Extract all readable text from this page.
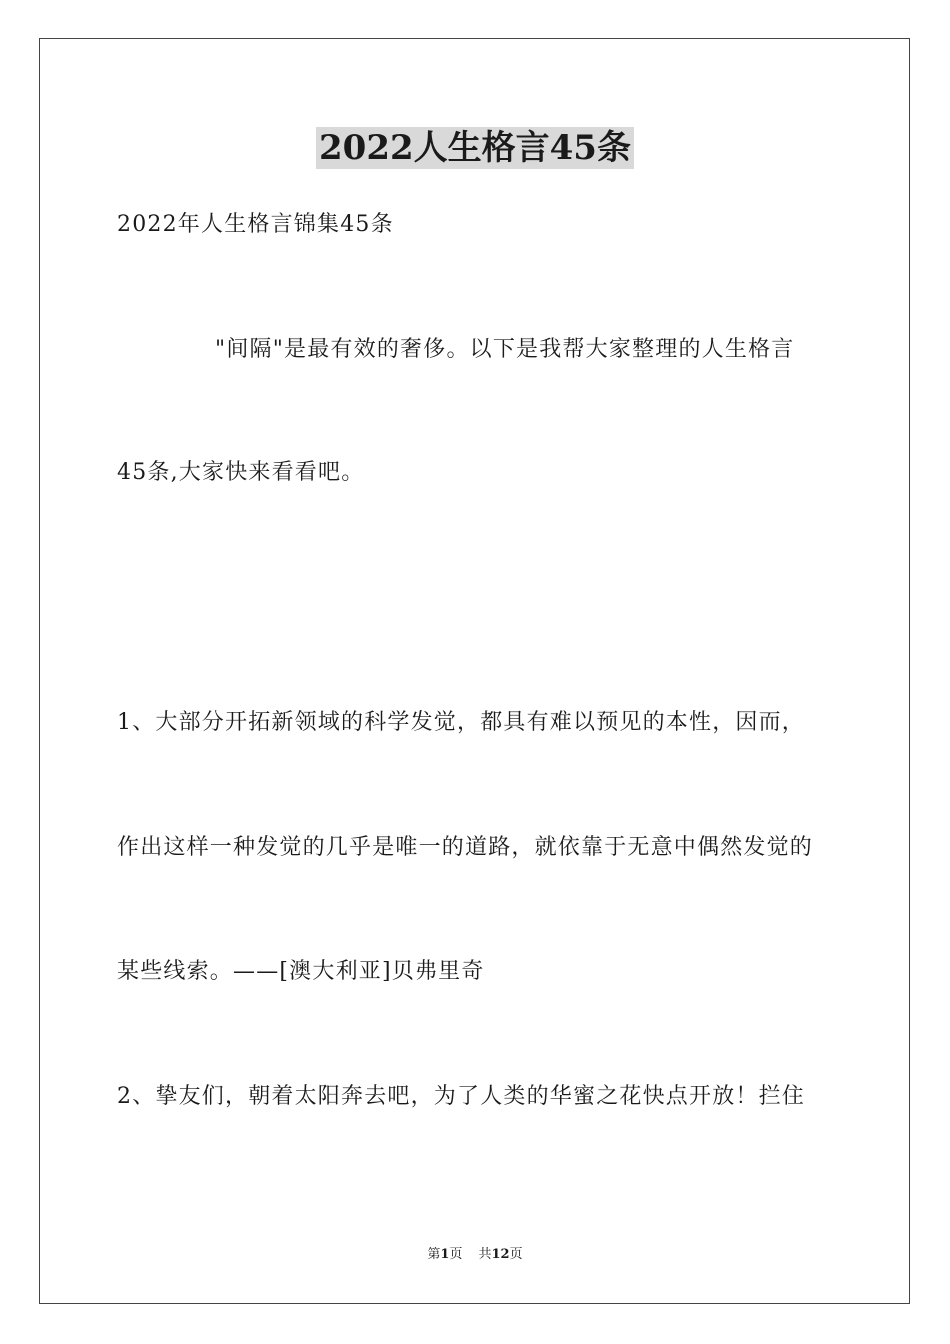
2022人生格言45条
2022年人生格言锦集45条
"间隔"是最有效的奢侈。以下是我帮大家整理的人生格言
45条,大家快来看看吧。
1、大部分开拓新领域的科学发觉，都具有难以预见的本性，因而，
作出这样一种发觉的几乎是唯一的道路，就依靠于无意中偶然发觉的
某些线索。——[澳大利亚]贝弗里奇
2、挚友们，朝着太阳奔去吧，为了人类的华蜜之花快点开放！拦住
第1页 共12页
